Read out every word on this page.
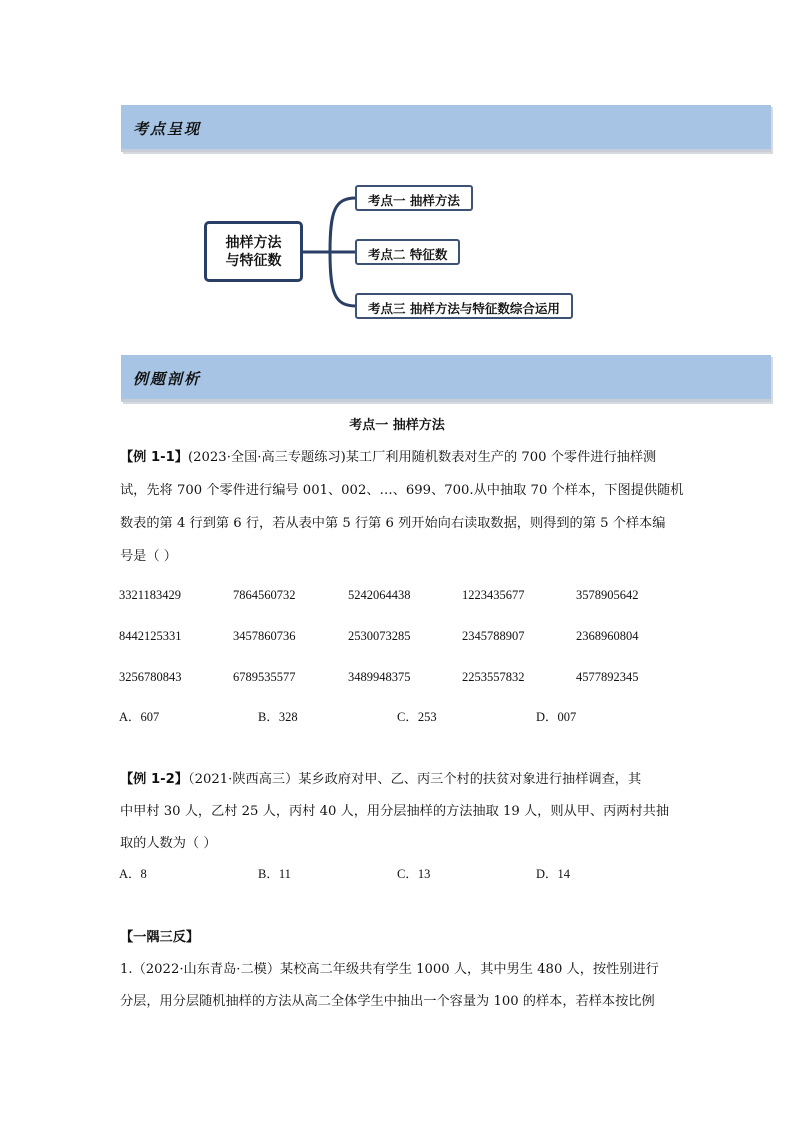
考点呈现
抽样方法
与特征数
考点一 抽样方法
考点二 特征数
考点三 抽样方法与特征数综合运用
例题剖析
考点一 抽样方法
【例 1-1】(2023·全国·高三专题练习)某工厂利用随机数表对生产的 700 个零件进行抽样测
试，先将 700 个零件进行编号 001、002、…、699、700.从中抽取 70 个样本，下图提供随机
数表的第 4 行到第 6 行，若从表中第 5 行第 6 列开始向右读取数据，则得到的第 5 个样本编
号是（ ）
3321183429	7864560732	5242064438	1223435677	3578905642
8442125331	3457860736	2530073285	2345788907	2368960804
3256780843	6789535577	3489948375	2253557832	4577892345
A．607	B．328	C．253	D．007
【例 1-2】（2021·陕西高三）某乡政府对甲、乙、丙三个村的扶贫对象进行抽样调查，其
中甲村 30 人，乙村 25 人，丙村 40 人，用分层抽样的方法抽取 19 人，则从甲、丙两村共抽
取的人数为（ ）
A．8	B．11	C．13	D．14
【一隅三反】
1.（2022·山东青岛·二模）某校高二年级共有学生 1000 人，其中男生 480 人，按性别进行
分层，用分层随机抽样的方法从高二全体学生中抽出一个容量为 100 的样本，若样本按比例
